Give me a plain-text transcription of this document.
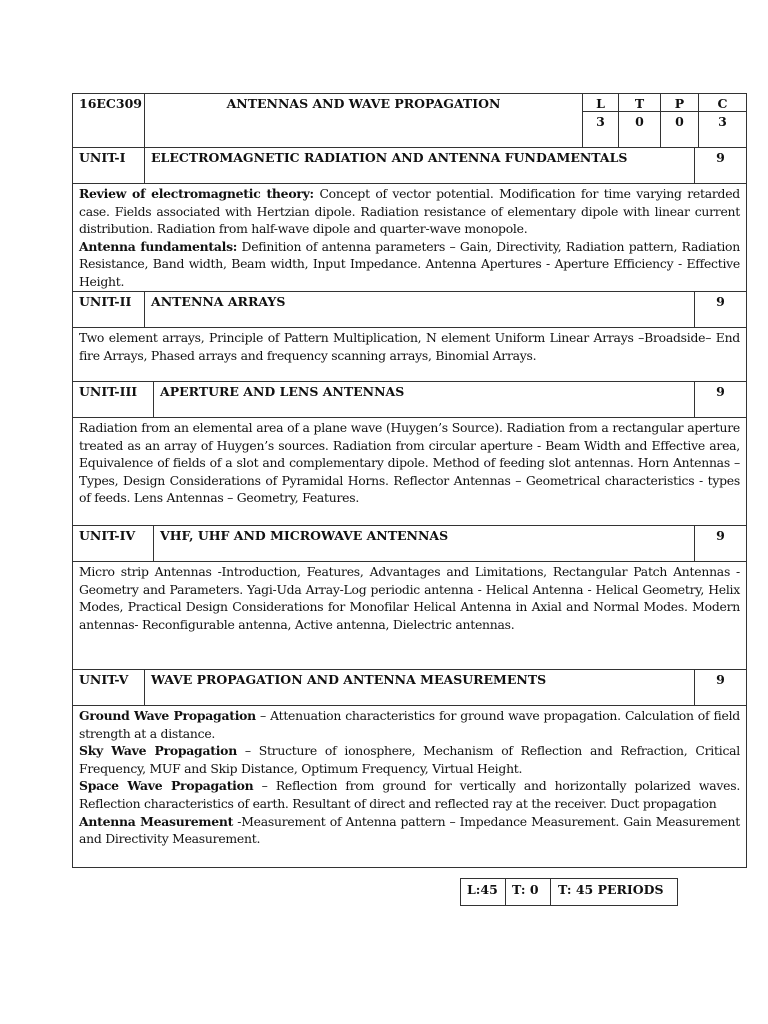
16EC309	ANTENNAS AND WAVE PROPAGATION	L	T	P	C
3	0	0	3
UNIT-I ELECTROMAGNETIC RADIATION AND ANTENNA FUNDAMENTALS	9

Review of electromagnetic theory: Concept of vector potential. Modification for time varying retarded case. Fields associated with Hertzian dipole. Radiation resistance of elementary dipole with linear current distribution. Radiation from half-wave dipole and quarter-wave monopole.

Antenna fundamentals: Definition of antenna parameters – Gain, Directivity, Radiation pattern, Radiation Resistance, Band width, Beam width, Input Impedance. Antenna Apertures - Aperture Efficiency - Effective Height.

UNIT-II ANTENNA ARRAYS	9
Two element arrays, Principle of Pattern Multiplication, N element Uniform Linear Arrays –Broadside– End fire Arrays, Phased arrays and frequency scanning arrays, Binomial Arrays.
UNIT-III APERTURE AND LENS ANTENNAS	9
Radiation from an elemental area of a plane wave (Huygen’s Source). Radiation from a rectangular aperture treated as an array of Huygen’s sources. Radiation from circular aperture - Beam Width and Effective area, Equivalence of fields of a slot and complementary dipole. Method of feeding slot antennas. Horn Antennas – Types, Design Considerations of Pyramidal Horns. Reflector Antennas – Geometrical characteristics - types of feeds. Lens Antennas – Geometry, Features.
UNIT-IV VHF, UHF AND MICROWAVE ANTENNAS	9
Micro strip Antennas -Introduction, Features, Advantages and Limitations, Rectangular Patch Antennas - Geometry and Parameters. Yagi-Uda Array-Log periodic antenna - Helical Antenna - Helical Geometry, Helix Modes, Practical Design Considerations for Monofilar Helical Antenna in Axial and Normal Modes. Modern antennas- Reconfigurable antenna, Active antenna, Dielectric antennas.
UNIT-V WAVE PROPAGATION AND ANTENNA MEASUREMENTS	9

Ground Wave Propagation – Attenuation characteristics for ground wave propagation. Calculation of field strength at a distance.

Sky Wave Propagation – Structure of ionosphere, Mechanism of Reflection and Refraction, Critical Frequency, MUF and Skip Distance, Optimum Frequency, Virtual Height.

Space Wave Propagation – Reflection from ground for vertically and horizontally polarized waves. Reflection characteristics of earth. Resultant of direct and reflected ray at the receiver. Duct propagation

Antenna Measurement -Measurement of Antenna pattern – Impedance Measurement. Gain Measurement and Directivity Measurement.

L:45 T: 0 T: 45 PERIODS
